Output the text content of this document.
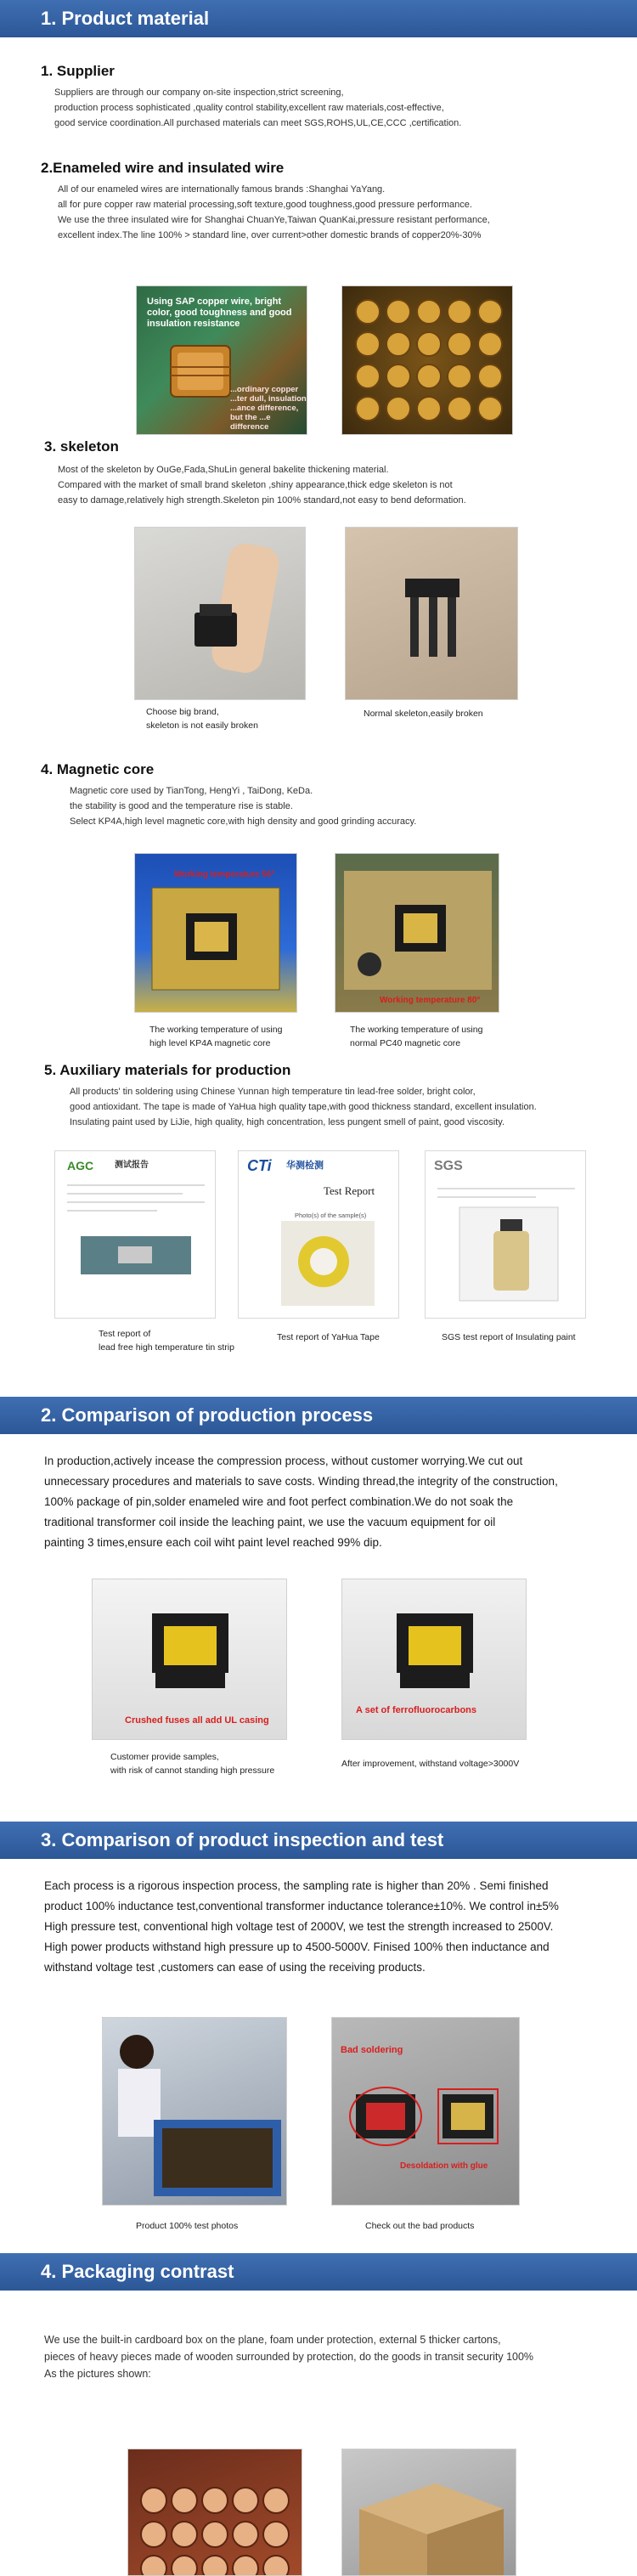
1. Product material
1. Supplier
Suppliers are through our company on-site inspection,strict screening,
production process sophisticated ,quality control stability,excellent raw materials,cost-effective,
good service coordination.All purchased materials can meet SGS,ROHS,UL,CE,CCC ,certification.
2.Enameled wire and insulated wire
All of our enameled wires are internationally famous brands :Shanghai YaYang.
all for pure copper raw material processing,soft texture,good toughness,good pressure performance.
We use the three insulated wire for Shanghai ChuanYe,Taiwan QuanKai,pressure resistant performance,
excellent index.The line 100% > standard line, over current>other domestic brands of copper20%-30%
Using SAP copper wire, bright color, good toughness and good insulation resistance
...ordinary copper ...ter dull, insulation ...ance difference, but the ...e difference
3. skeleton
Most of the skeleton by OuGe,Fada,ShuLin general bakelite thickening material.
Compared with the market of small brand skeleton ,shiny appearance,thick edge skeleton is not
easy to damage,relatively high strength.Skeleton pin 100% standard,not easy to bend deformation.
Choose big brand,
skeleton is not easily broken
Normal skeleton,easily broken
4. Magnetic core
Magnetic core used by TianTong, HengYi , TaiDong, KeDa.
the stability is good and the temperature rise is stable.
Select KP4A,high level magnetic core,with high density and good grinding accuracy.
Working temperature 56°
The working temperature of using
high level KP4A magnetic core
Working temperature 80°
The working temperature of using
normal PC40 magnetic core
5. Auxiliary materials for production
All products' tin soldering using Chinese Yunnan high temperature tin lead-free solder, bright color,
good antioxidant. The tape is made of YaHua high quality tape,with good thickness standard, excellent insulation.
Insulating paint used by LiJie, high quality, high concentration, less pungent smell of paint, good viscosity.
AGC 测试报告
Test report of
lead free high temperature tin strip
CTi 华测检测
Test Report
Photo(s) of the sample(s)
Test report of YaHua Tape
SGS
SGS test report of Insulating paint
2. Comparison of production process
In production,actively incease the compression process, without customer worrying.We cut out
unnecessary procedures and materials to save costs. Winding thread,the integrity of the construction,
100% package of pin,solder enameled wire and foot perfect combination.We do not soak the
traditional transformer coil inside the leaching paint, we use the vacuum equipment for oil
painting 3 times,ensure each coil wiht paint level reached 99% dip.
Crushed fuses all add UL casing
Customer provide samples,
with risk of cannot standing high pressure
A set of ferrofluorocarbons
After improvement, withstand voltage>3000V
3. Comparison of product inspection and test
Each process is a rigorous inspection process, the sampling rate is higher than 20% . Semi finished
product 100% inductance test,conventional transformer inductance tolerance±10%. We control in±5%
High pressure test, conventional high voltage test of 2000V, we test the strength increased to 2500V.
High power products withstand high pressure up to 4500-5000V. Finised 100% then inductance and
withstand voltage test ,customers can ease of using the receiving products.
Product 100% test photos
Bad soldering
Desoldation with glue
Check out the bad products
4. Packaging contrast
We use the built-in cardboard box on the plane, foam under protection, external 5 thicker cartons,
pieces of heavy pieces made of wooden surrounded by protection, do the goods in transit security 100%
As the pictures shown:
